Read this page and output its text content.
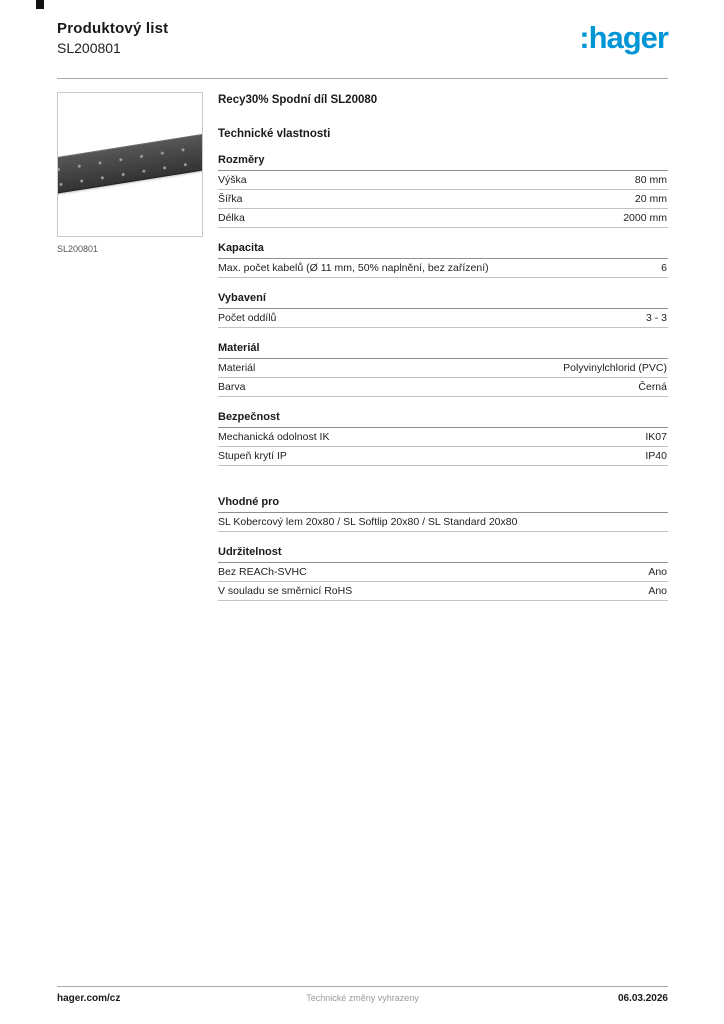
Produktový list
SL200801	:hager
SL200801
Recy30% Spodní díl SL20080
Technické vlastnosti
Rozměry
Výška	80 mm
Šířka	20 mm
Délka	2000 mm
Kapacita
Max. počet kabelů (Ø 11 mm, 50% naplnění, bez zařízení)	6
Vybavení
Počet oddílů	3 - 3
Materiál
Materiál	Polyvinylchlorid (PVC)
Barva	Černá
Bezpečnost
Mechanická odolnost IK	IK07
Stupeň krytí IP	IP40
Vhodné pro
SL Kobercový lem 20x80 / SL Softlip 20x80 / SL Standard 20x80
Udržitelnost
Bez REACh-SVHC	Ano
V souladu se směrnicí RoHS	Ano
hager.com/cz	Technické změny vyhrazeny	06.03.2026
